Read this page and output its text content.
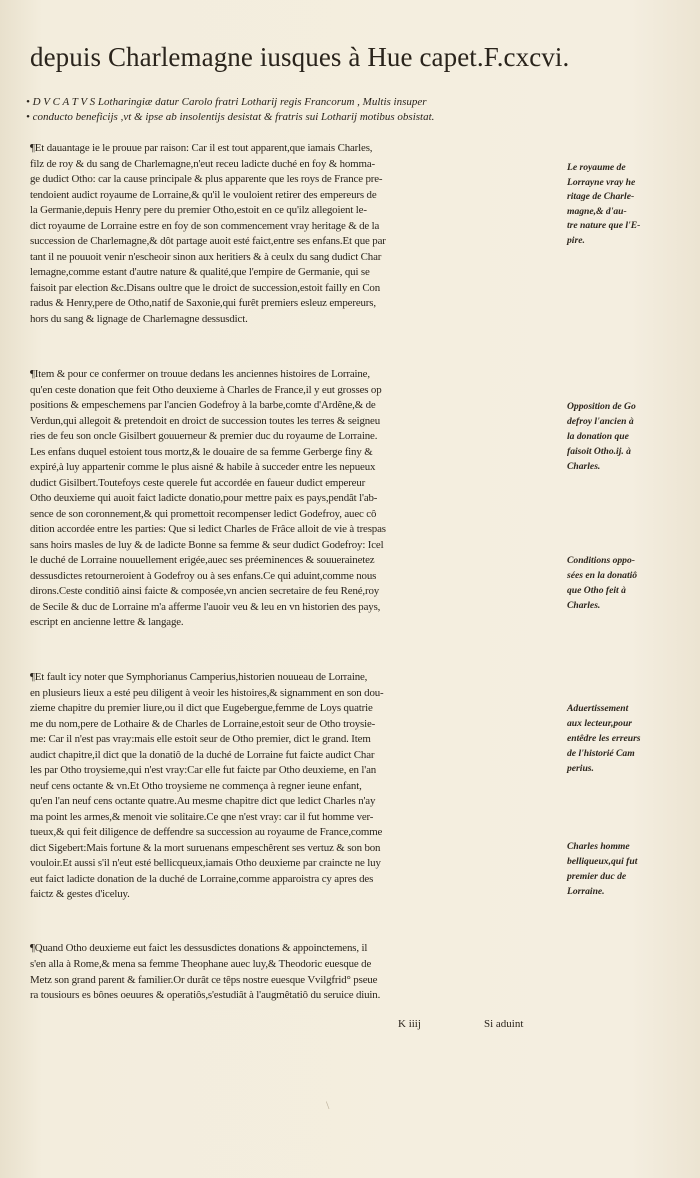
depuis Charlemagne iusques à Hue capet.F.cxcvi.
• D V C A T V S Lotharingiæ datur Carolo fratri Lotharij regis Francorum , Multis insuper
• conducto beneficijs ,vt & ipse ab insolentijs desistat & fratris sui Lotharij motibus obsistat.
¶Et dauantage ie le prouue par raison: Car il est tout apparent,que iamais Charles,
filz de roy & du sang de Charlemagne,n'eut receu ladicte duché en foy & homma-
ge dudict Otho: car la cause principale & plus apparente que les roys de France pre-
tendoient audict royaume de Lorraine,& qu'il le vouloient retirer des empereurs de
la Germanie,depuis Henry pere du premier Otho,estoit en ce qu'ilz allegoient le-
dict royaume de Lorraine estre en foy de son commencement vray heritage & de la
succession de Charlemagne,& dôt partage auoit esté faict,entre ses enfans.Et que par
tant il ne pouuoit venir n'escheoir sinon aux heritiers & à ceulx du sang dudict Char
lemagne,comme estant d'autre nature & qualité,que l'empire de Germanie, qui se
faisoit par election &c.Disans oultre que le droict de succession,estoit failly en Con
radus & Henry,pere de Otho,natif de Saxonie,qui furêt premiers esleuz empereurs,
hors du sang & lignage de Charlemagne dessusdict.
¶Item & pour ce confermer on trouue dedans les anciennes histoires de Lorraine,
qu'en ceste donation que feit Otho deuxieme à Charles de France,il y eut grosses op
positions & empeschemens par l'ancien Godefroy à la barbe,comte d'Ardêne,& de
Verdun,qui allegoit & pretendoit en droict de succession toutes les terres & seigneu
ries de feu son oncle Gisilbert gouuerneur & premier duc du royaume de Lorraine.
Les enfans duquel estoient tous mortz,& le douaire de sa femme Gerberge finy &
expiré,à luy appartenir comme le plus aisné & habile à succeder entre les nepueux
dudict Gisilbert.Toutefoys ceste querele fut accordée en faueur dudict empereur
Otho deuxieme qui auoit faict ladicte donatio,pour mettre paix es pays,pendât l'ab-
sence de son coronnement,& qui promettoit recompenser ledict Godefroy, auec cô
dition accordée entre les parties: Que si ledict Charles de Frâce alloit de vie à trespas
sans hoirs masles de luy & de ladicte Bonne sa femme & seur dudict Godefroy: Icel
le duché de Lorraine nouuellement erigée,auec ses préeminences & souuerainetez
dessusdictes retourneroient à Godefroy ou à ses enfans.Ce qui aduint,comme nous
dirons.Ceste conditiô ainsi faicte & composée,vn ancien secretaire de feu René,roy
de Secile & duc de Lorraine m'a afferme l'auoir veu & leu en vn historien des pays,
escript en ancienne lettre & langage.
¶Et fault icy noter que Symphorianus Camperius,historien nouueau de Lorraine,
en plusieurs lieux a esté peu diligent à veoir les histoires,& signamment en son dou-
zieme chapitre du premier liure,ou il dict que Eugebergue,femme de Loys quatrie
me du nom,pere de Lothaire & de Charles de Lorraine,estoit seur de Otho troysie-
me: Car il n'est pas vray:mais elle estoit seur de Otho premier, dict le grand. Item
audict chapitre,il dict que la donatiô de la duché de Lorraine fut faicte audict Char
les par Otho troysieme,qui n'est vray:Car elle fut faicte par Otho deuxieme, en l'an
neuf cens octante & vn.Et Otho troysieme ne commença à regner ieune enfant,
qu'en l'an neuf cens octante quatre.Au mesme chapitre dict que ledict Charles n'ay
ma point les armes,& menoit vie solitaire.Ce qne n'est vray: car il fut homme ver-
tueux,& qui feit diligence de deffendre sa succession au royaume de France,comme
dict Sigebert:Mais fortune & la mort suruenans empeschêrent ses vertuz & son bon
vouloir.Et aussi s'il n'eut esté bellicqueux,iamais Otho deuxieme par craincte ne luy
eut faict ladicte donation de la duché de Lorraine,comme apparoistra cy apres des
faictz & gestes d'iceluy.
¶Quand Otho deuxieme eut faict les dessusdictes donations & appoinctemens, il
s'en alla à Rome,& mena sa femme Theophane auec luy,& Theodoric euesque de
Metz son grand parent & familier.Or durât ce têps nostre euesque Vvilgfrid° pseue
ra tousiours es bônes oeuures & operatiôs,s'estudiât à l'augmêtatiô du seruice diuin.
Le royaume de
Lorrayne vray he
ritage de Charle-
magne,& d'au-
tre nature que l'E-
pire.
Opposition de Go
defroy l'ancien à
la donation que
faisoit Otho.ij. à
Charles.
Conditions oppo-
sées en la donatiô
que Otho feit à
Charles.
Aduertissement
aux lecteur,pour
entêdre les erreurs
de l'historié Cam
perius.
Charles homme
belliqueux,qui fut
premier duc de
Lorraine.
K iiij	Si aduint
\
